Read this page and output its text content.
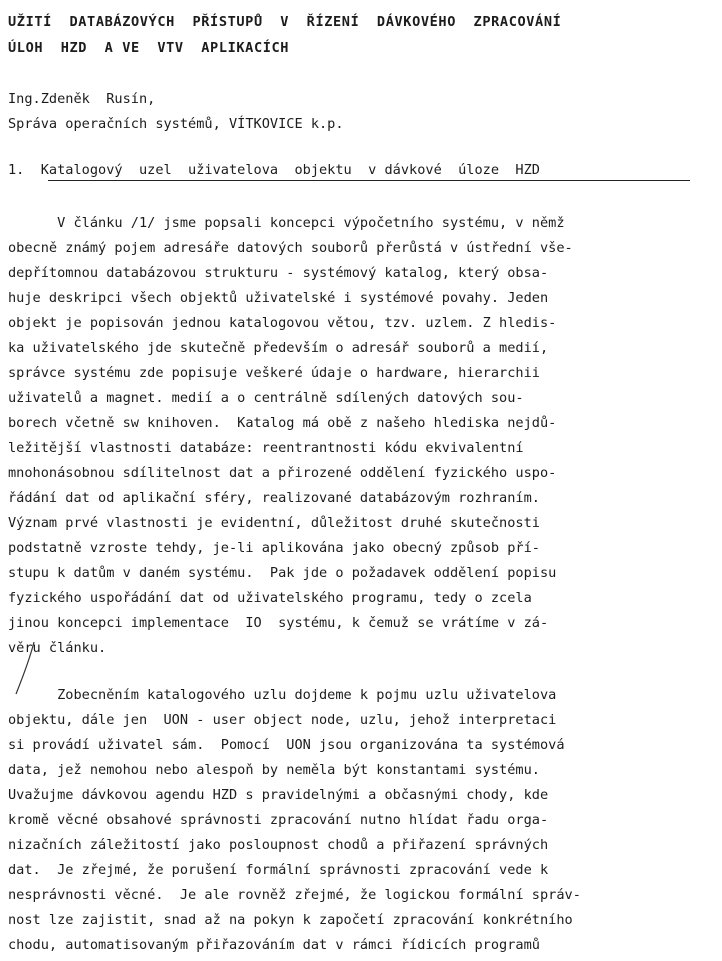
UŽITÍ  DATABÁZOVÝCH  PŘÍSTUPŮ  V  ŘÍZENÍ  DÁVKOVÉHO  ZPRACOVÁNÍ
ÚLOH  HZD  A VE  VTV  APLIKACÍCH
Ing.Zdeněk  Rusín,
Správa operačních systémů, VÍTKOVICE k.p.
1.  Katalogový  uzel  uživatelova  objektu  v dávkové  úloze  HZD
V článku /1/ jsme popsali koncepci výpočetního systému, v němž
obecně známý pojem adresáře datových souborů přerůstá v ústřední vše-
depřítomnou databázovou strukturu - systémový katalog, který obsa-
huje deskripci všech objektů uživatelské i systémové povahy. Jeden
objekt je popisován jednou katalogovou větou, tzv. uzlem. Z hledis-
ka uživatelského jde skutečně především o adresář souborů a medií,
správce systému zde popisuje veškeré údaje o hardware, hierarchii
uživatelů a magnet. medií a o centrálně sdílených datových sou-
borech včetně sw knihoven.  Katalog má obě z našeho hlediska nejdů-
ležitější vlastnosti databáze: reentrantnosti kódu ekvivalentní
mnohonásobnou sdílitelnost dat a přirozené oddělení fyzického uspo-
řádání dat od aplikační sféry, realizované databázovým rozhraním.
Význam prvé vlastnosti je evidentní, důležitost druhé skutečnosti
podstatně vzroste tehdy, je-li aplikována jako obecný způsob pří-
stupu k datům v daném systému.  Pak jde o požadavek oddělení popisu
fyzického uspořádání dat od uživatelského programu, tedy o zcela
jinou koncepci implementace  IO  systému, k čemuž se vrátíme v zá-
věru článku.
Zobecněním katalogového uzlu dojdeme k pojmu uzlu uživatelova
objektu, dále jen  UON - user object node, uzlu, jehož interpretaci
si provádí uživatel sám.  Pomocí  UON jsou organizována ta systémová
data, jež nemohou nebo alespoň by neměla být konstantami systému.
Uvažujme dávkovou agendu HZD s pravidelnými a občasnými chody, kde
kromě věcné obsahové správnosti zpracování nutno hlídat řadu orga-
nizačních záležitostí jako posloupnost chodů a přiřazení správných
dat.  Je zřejmé, že porušení formální správnosti zpracování vede k
nesprávnosti věcné.  Je ale rovněž zřejmé, že logickou formální správ-
nost lze zajistit, snad až na pokyn k započetí zpracování konkrétního
chodu, automatisovaným přiřazováním dat v rámci řídicích programů
